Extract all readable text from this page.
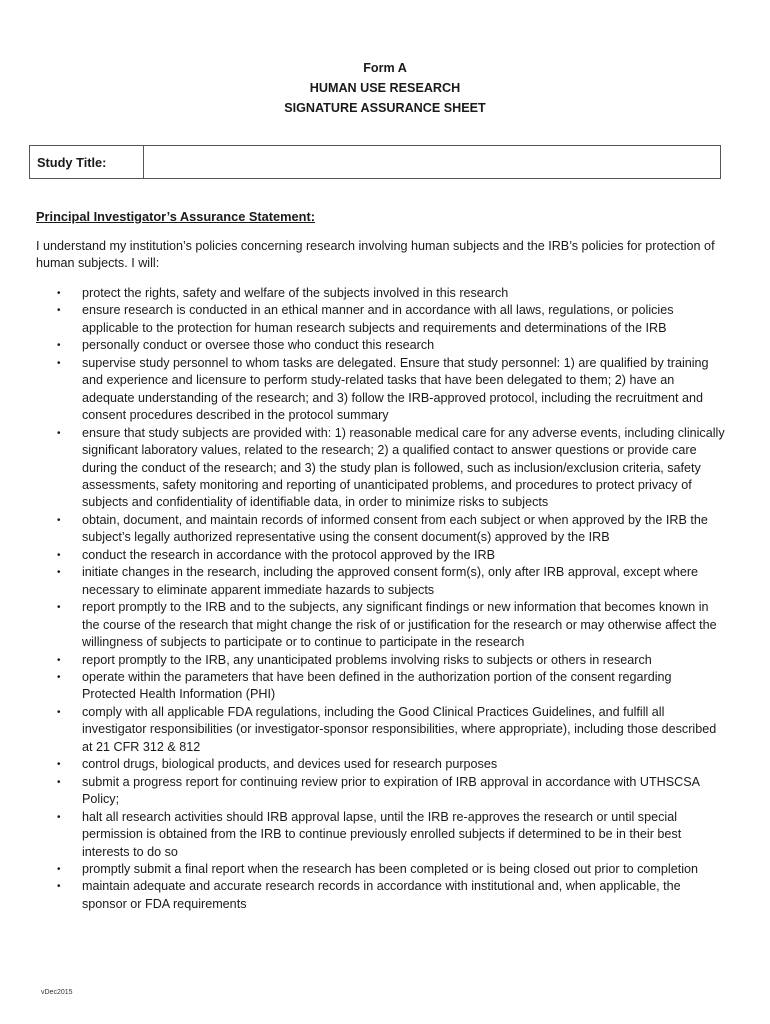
Form A

HUMAN USE RESEARCH

SIGNATURE ASSURANCE SHEET

Study Title:

Principal Investigator’s Assurance Statement:

I understand my institution’s policies concerning research involving human subjects and the IRB’s policies for protection of human subjects. I will:

• protect the rights, safety and welfare of the subjects involved in this research
• ensure research is conducted in an ethical manner and in accordance with all laws, regulations, or policies applicable to the protection for human research subjects and requirements and determinations of the IRB
• personally conduct or oversee those who conduct this research
• supervise study personnel to whom tasks are delegated. Ensure that study personnel: 1) are qualified by training and experience and licensure to perform study-related tasks that have been delegated to them; 2) have an adequate understanding of the research; and 3) follow the IRB-approved protocol, including the recruitment and consent procedures described in the protocol summary
• ensure that study subjects are provided with: 1) reasonable medical care for any adverse events, including clinically significant laboratory values, related to the research; 2) a qualified contact to answer questions or provide care during the conduct of the research; and 3) the study plan is followed, such as inclusion/exclusion criteria, safety assessments, safety monitoring and reporting of unanticipated problems, and procedures to protect privacy of subjects and confidentiality of identifiable data, in order to minimize risks to subjects
• obtain, document, and maintain records of informed consent from each subject or when approved by the IRB the subject’s legally authorized representative using the consent document(s) approved by the IRB
• conduct the research in accordance with the protocol approved by the IRB
• initiate changes in the research, including the approved consent form(s), only after IRB approval, except where necessary to eliminate apparent immediate hazards to subjects
• report promptly to the IRB and to the subjects, any significant findings or new information that becomes known in the course of the research that might change the risk of or justification for the research or may otherwise affect the willingness of subjects to participate or to continue to participate in the research
• report promptly to the IRB, any unanticipated problems involving risks to subjects or others in research
• operate within the parameters that have been defined in the authorization portion of the consent regarding Protected Health Information (PHI)
• comply with all applicable FDA regulations, including the Good Clinical Practices Guidelines, and fulfill all investigator responsibilities (or investigator-sponsor responsibilities, where appropriate), including those described at 21 CFR 312 & 812
• control drugs, biological products, and devices used for research purposes
• submit a progress report for continuing review prior to expiration of IRB approval in accordance with UTHSCSA Policy;
• halt all research activities should IRB approval lapse, until the IRB re-approves the research or until special permission is obtained from the IRB to continue previously enrolled subjects if determined to be in their best interests to do so
• promptly submit a final report when the research has been completed or is being closed out prior to completion
• maintain adequate and accurate research records in accordance with institutional and, when applicable, the sponsor or FDA requirements

vDec2015
